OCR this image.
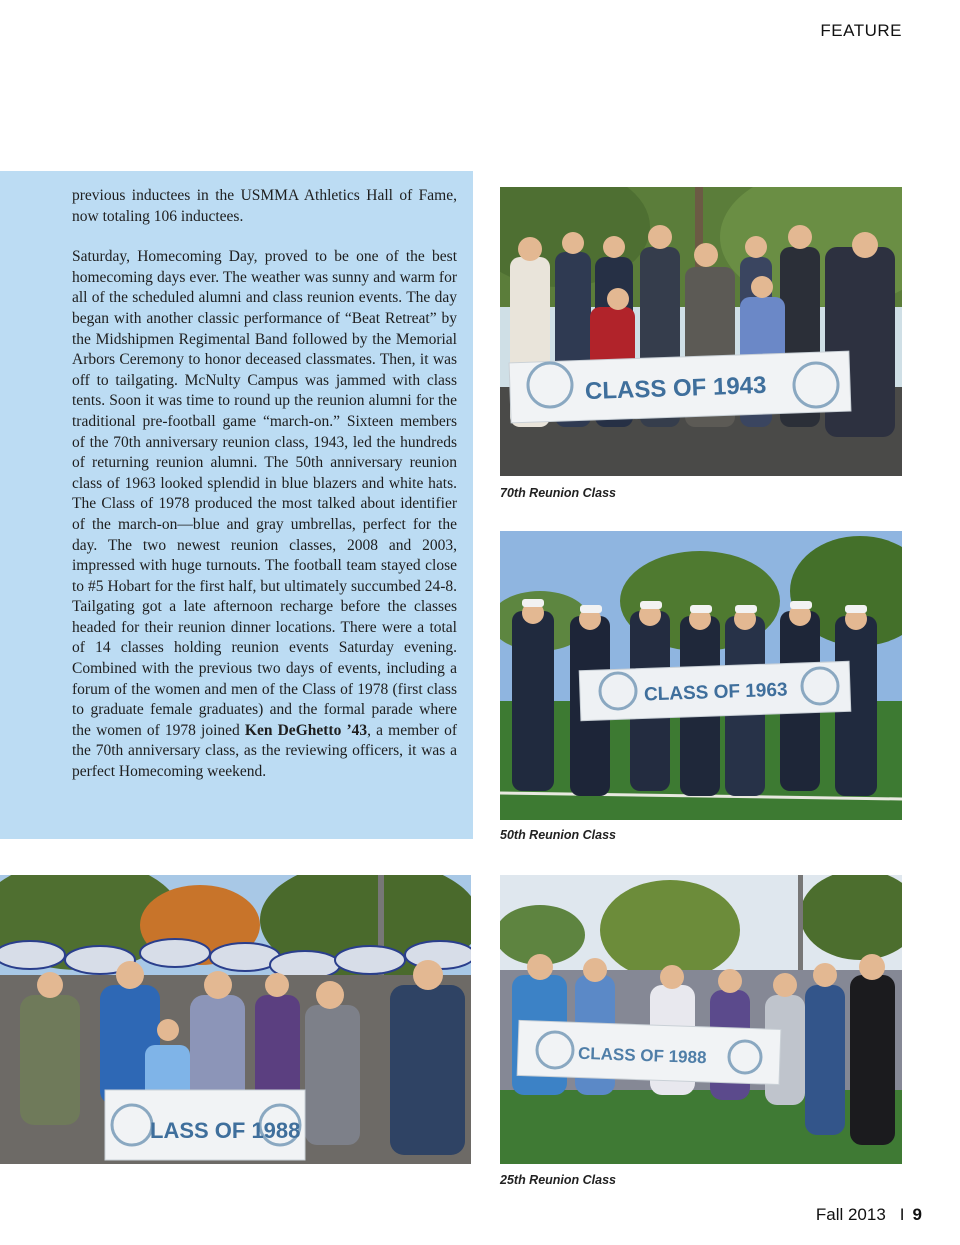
FEATURE

previous inductees in the USMMA Athletics Hall of Fame, now totaling 106 inductees.

Saturday, Homecoming Day, proved to be one of the best homecoming days ever. The weather was sunny and warm for all of the scheduled alumni and class reunion events. The day began with another classic performance of “Beat Retreat” by the Midshipmen Regimental Band followed by the Memorial Arbors Ceremony to honor deceased classmates. Then, it was off to tailgating. McNulty Campus was jammed with class tents. Soon it was time to round up the reunion alumni for the traditional pre-football game “march-on.” Sixteen members of the 70th anniversary reunion class, 1943, led the hundreds of returning reunion alumni. The 50th anniversary reunion class of 1963 looked splendid in blue blazers and white hats. The Class of 1978 produced the most talked about identifier of the march-on—blue and gray umbrellas, perfect for the day. The two newest reunion classes, 2008 and 2003, impressed with huge turnouts. The football team stayed close to #5 Hobart for the first half, but ultimately succumbed 24-8. Tailgating got a late afternoon recharge before the classes headed for their reunion dinner locations. There were a total of 14 classes holding reunion events Saturday evening. Combined with the previous two days of events, including a forum of the women and men of the Class of 1978 (first class to graduate female graduates) and the formal parade where the women of 1978 joined Ken DeGhetto ’43, a member of the 70th anniversary class, as the reviewing officers, it was a perfect Homecoming weekend.

CLASS OF 1943
70th Reunion Class
CLASS OF 1963
50th Reunion Class
LASS OF 1988
CLASS OF 1988
25th Reunion Class
Fall 2013 I 9
